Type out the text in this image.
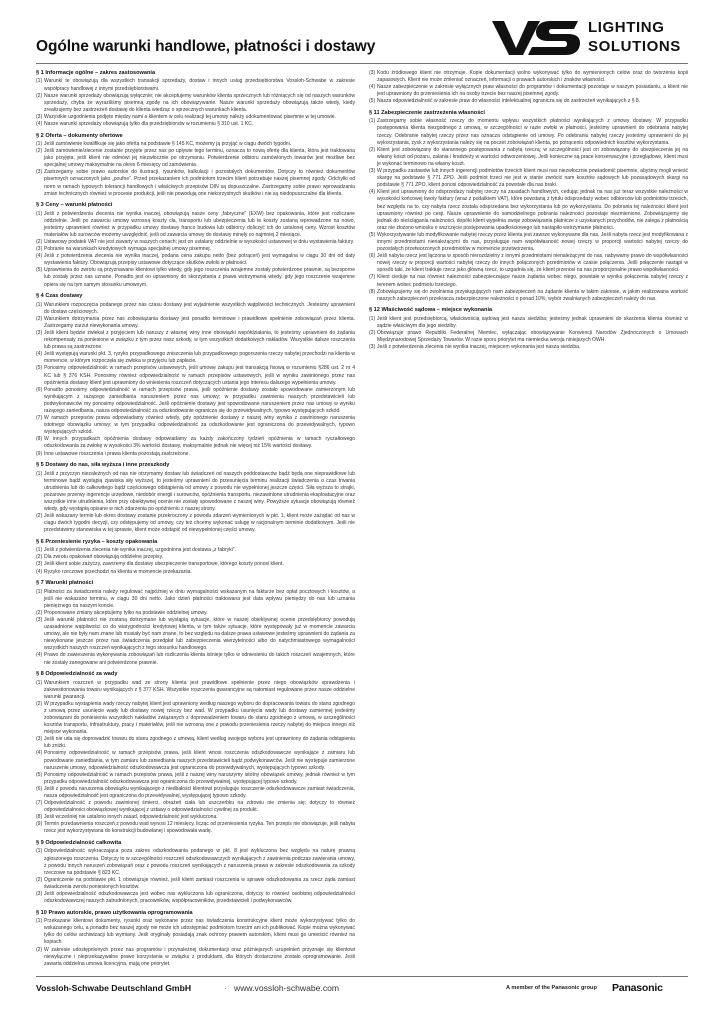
Ogólne warunki handlowe, płatności i dostawy
LIGHTING
SOLUTIONS
§ 1 Informacje ogólne – zakres zastosowania

(1) Warunki te obowiązują dla wszystkich transakcji sprzedaży, dostaw i innych usług przedsiębiorstwa Vossloh-Schwabe w zakresie współpracy handlowej z innymi przedsiębiorstwami.

(2) Nasze warunki sprzedaży obowiązują wyłącznie; nie akceptujemy warunków klienta sprzecznych lub różniących się od naszych warunków sprzedaży, chyba że wyraziliśmy pisemną zgodę na ich obowiązywanie. Nasze warunki sprzedaży obowiązują także wtedy, kiedy zrealizujemy bez zastrzeżeń dostawę do klienta wiedząc o sprzecznych warunkach klienta.

(3) Wszystkie uzgodnienia podjęte między nami a klientem w celu realizacji tej umowy należy udokumentować pisemnie w tej umowie.

(4) Nasze warunki sprzedaży obowiązują tylko dla przedsiębiorstw w rozumieniu § 310 ust. 1 KC.

§ 2 Oferta – dokumenty ofertowe

(1) Jeśli zamówienie kwalifikuje się jako oferta na podstawie § 145 KC, możemy ją przyjąć w ciągu dwóch tygodni.

(2) Jeśli zamówienie/zlecenie zostanie przyjęte przez nas po upływie tego terminu, oznacza to nową ofertę dla klienta, która jest traktowana jako przyjęta, jeśli klient nie odmówi jej niezwłocznie po otrzymaniu. Potwierdzenie odbioru zamówionych towarów jest możliwe bez specjalnej umowy maksymalnie na okres 6 miesięcy od zamówienia.

(3) Zastrzegamy sobie prawo autorskie do ilustracji, rysunków, kalkulacji i pozostałych dokumentów. Dotyczy to również dokumentów pisemnych oznaczonych jako „poufne”. Przed przekazaniem ich podmiotom trzecim klient potrzebuje naszej pisemnej zgody. Odchyłki od norm w ramach typowych tolerancji handlowych i właściwych przepisów DIN są dopuszczalne. Zastrzegamy sobie prawo wprowadzania zmian technicznych również w procesie produkcji, jeśli nie powodują one niekorzystnych skutków i nie są niedopuszczalne dla klienta.

§ 3 Ceny – warunki płatności

(1) Jeśli z potwierdzenia zlecenia nie wynika inaczej, obowiązują nasze ceny „fabryczne” (EXW) bez opakowania, które jest rozliczane oddzielnie. Jeśli po zawarciu umowy wzrosną koszty cła, transportu lub ubezpieczenia lub te koszty zostaną wprowadzone na nowo, jesteśmy uprawnieni również w przypadku umowy dostawy franco budowa lub odbiorcy doliczyć ich do ustalonej ceny. Wzrost kosztów materiałów lub surowców możemy uwzględnić, jeśli od zawarcia umowy do dostawy minęły co najmniej 2 miesiące.

(2) Ustawowy podatek VAT nie jest zawarty w naszych cenach; jest on ustalany oddzielnie w wysokości ustawowej w dniu wystawienia faktury.

(3) Pobranie na warunkach kredytowych wymaga specjalnej umowy pisemnej.

(4) Jeśli z potwierdzenia zlecenia nie wynika inaczej, podana cena zakupu netto (bez potrąceń) jest wymagalna w ciągu 30 dni od daty wystawienia faktury. Obowiązują przepisy ustawowe dotyczące skutków zwłoki w płatności.

(5) Uprawnienia do zwrotu są przyznawane klientowi tylko wtedy, gdy jego roszczenia wzajemne zostały potwierdzone prawnie, są bezsporne lub zostały przez nas uznane. Ponadto jest on uprawniony do skorzystania z prawa wstrzymania wtedy, gdy jego roszczenie wzajemne opiera się na tym samym stosunku umownym.

§ 4 Czas dostawy

(1) Warunkiem rozpoczęcia podanego przez nas czasu dostawy jest wyjaśnienie wszystkich wątpliwości technicznych. Jesteśmy uprawnieni do dostaw częściowych.

(2) Warunkiem dotrzymania przez nas zobowiązania dostawy jest ponadto terminowe i prawidłowe spełnienie zobowiązań przez klienta. Zastrzegamy zarzut niewykonania umowy.

(3) Jeśli klient będzie zwlekał z przyjęciem lub naruszy z własnej winy inne obowiązki współdziałania, to jesteśmy uprawnieni do żądania rekompensaty za poniesione w związku z tym przez nasz szkody, w tym wszystkich dodatkowych nakładów. Wszystkie dalsze roszczenia lub prawa są zastrzeżone.

(4) Jeśli występują warunki pkt. 3, ryzyko przypadkowego zniszczenia lub przypadkowego pogorszenia rzeczy nabytej przechodzi na klienta w momencie, w którym rozpoczęła się zwłoka w przyjęciu lub zapłacie.

(5) Ponosimy odpowiedzialność w ramach przepisów ustawowych, jeśli umowę zakupu jest transakcją fixową w rozumieniu §286 ust. 2 nr 4 KC lub § 376 KSH. Ponosimy również odpowiedzialność w ramach przepisów ustawowych, jeśli w wyniku zawinionego przez nas opóźnienia dostawy klient jest uprawniony do wniesienia roszczeń dotyczących ustania jego interesu dalszego wypełnienia umowy.

(6) Ponadto ponosimy odpowiedzialność w ramach przepisów prawa, jeśli opóźnienie dostawy zostało spowodowane zamierzonym lub wynikającym z rażącego zaniedbania naruszeniem przez nas umowy; w przypadku zawinienia naszych przedstawicieli lub podwykonawców my ponosimy odpowiedzialność. Jeśli opóźnienie dostawy jest spowodowane naruszeniem przez nas umowy w wyniku rażącego zaniedbania, nasza odpowiedzialność za odszkodowanie ogranicza się do przewidywalnych, typowo występujących szkód.

(7) W ramach przepisów prawa odpowiadamy również wtedy, gdy opóźnienie dostawy z naszej winy wynika z zawinionego naruszenia istotnego obowiązku umowy; w tym przypadku odpowiedzialność za odszkodowanie jest ograniczona do przewidywalnych, typowo występujących szkód.

(8) W innych przypadkach opóźnienia dostawy odpowiadamy za każdy zakończony tydzień opóźnienia w ramach ryczałtowego odszkodowania za zwłokę w wysokości 3% wartości dostawy, maksymalnie jednak nie więcej niż 15% wartości dostawy.

(9) Inne ustawowe roszczenia i prawa klienta pozostają zastrzeżone.

§ 5 Dostawy do nas, siła wyższa i inne przeszkody

(1) Jeśli z przyczyn niezależnych od nas nie otrzymamy dostaw lub świadczeń od naszych poddostawców bądź będą one nieprawidłowe lub terminowe bądź wystąpią zjawiska siły wyższej, to jesteśmy uprawnieni do przesunięcia terminu realizacji świadczenia o czas trwania utrudnienia lub do całkowitego bądź częściowego odstąpienia od umowy z powodu nie wypełnionej jeszcze części. Siła wyższa to strajki, pożarowe przerwy ingerencje urzędowe, niedobór energii i surowców, opóźnienia transportu, niezawinione utrudnienia eksploatacyjne oraz wszystkie inne utrudnienia, które przy obiektywnej ocenie nie zostały spowodowane z naszej winy. Powyższe sytuacje obowiązują również wtedy, gdy wystąpią opisane w nich zdarzenia po opóźnieniu z naszej strony.

(2) Jeśli wskazany termin lub okres dostawy zostanie przekroczony z powodu zdarzeń wymienionych w pkt. 1, klient może zażądać od nas w ciągu dwóch tygodni decyzji, czy odstępujemy od umowy, czy też chcemy wykonać usługę w racjonalnym terminie dodatkowym. Jeśli nie przedstawimy stanowiska w tej sprawie, klient może odstąpić od niewypełnionej części umowy.

§ 6 Przeniesienie ryzyka – koszty opakowania

(1) Jeśli z potwierdzenia zlecenia nie wynika inaczej, uzgodniona jest dostawa „z fabryki”.

(2) Dla zwrotu opakowań obowiązują oddzielne przepisy.

(3) Jeśli klient sobie zażyczy, zawrzemy dla dostawy ubezpieczenie transportowe, którego koszty ponosi klient.

(4) Ryzyko rzeczowe przechodzi na klienta w momencie przekazania.

§ 7 Warunki płatności

(1) Płatności za świadczenia należy regulować najpóźniej w dniu wymagalności wskazanym na fakturze bez opłat pocztowych i kosztów, a jeśli nie wskazano terminu, w ciągu 30 dni netto. Jako dzień płatności traktowana jest data wpływu pieniędzy do nas lub uznania pieniężnego na naszym koncie.

(2) Proponowane zmiany akceptujemy tylko na podstawie oddzielnej umowy.

(3) Jeśli warunki płatności nie zostaną dotrzymane lub wystąpią sytuacje, które w naszej obiektywnej ocenie przedsiębiorcy powodują uzasadnione wątpliwości co do wiarygodności kredytowej klienta, w tym także sytuacje, które występowały już w momencie zawarcia umowy, ale nie były nam znane lub musiały być nam znane, to bez względu na dalsze prawa ustawowe jesteśmy uprawnieni do żądania za niewykonane jeszcze przez nas świadczenia przedpłat lub zabezpieczenia wierzytelności albo do natychmiastowego wymagalności wszystkich naszych roszczeń wynikających z tego stosunku handlowego.

(4) Prawo do zawieszenia wykonywania zobowiązań lub rozliczenia klienta istnieje tylko w odniesieniu do takich roszczeń wzajemnych, które nie zostały zanegowane ani potwierdzone prawnie.

§ 8 Odpowiedzialność za wady

(1) Warunkiem roszczeń w przypadku wad ze strony klienta jest prawidłowe spełnienie przez niego obowiązków sprawdzenia i zakwestionowania towaru wynikających z § 377 KSH. Wszystkie roszczenia gwarancyjne są natomiast regulowane przez nasze oddzielne warunki gwarancji.

(2) W przypadku wystąpienia wady rzeczy nabytej klient jest uprawniony według naszego wyboru do dopracowania towaru do stanu zgodnego z umową przez usunięcie wady lub dostawy nowej rzeczy bez wad. W przypadku usunięcia wady lub dostawy zamiennej jesteśmy zobowiązani do poniesienia wszystkich nakładów związanych z doprowadzeniem towaru do stanu zgodnego z umową, w szczególności kosztów transportu, infrastruktury, pracy i materiałów, jeśli nie wzrosną one z powodu przeniesienia rzeczy nabytej do miejsca innego niż miejsce wykonania.

(3) Jeśli nie uda się doprowadzić towaru do stanu zgodnego z umową, klient według swojego wyboru jest uprawniony do żądania odstąpienia lub zniżki.

(4) Ponosimy odpowiedzialność w ramach przepisów prawa, jeśli klient wnosi roszczenia odszkodowawcze wynikające z zamiaru lub powodowane zaniedbania, w tym zamiaru lub zaniedbania naszych przedstawicieli bądź podwykonawców. Jeśli nie występuje zamierzone naruszenie umowy, odpowiedzialność odszkodowawcza jest ograniczona do przewidywalnych, występujących typowo szkody.

(5) Ponosimy odpowiedzialność w ramach przepisów prawa, jeśli z naszej winy naruszymy istotny obowiązek umowy, jednak również w tym przypadku odpowiedzialność odszkodowawcza jest ograniczona do przewidywalnej, występującej typowo szkody.

(6) Jeśli z powodu naruszenia obowiązku wynikającego z niedbałości klientowi przysługuje roszczenie odszkodowawcze zamiast świadczenia, nasza odpowiedzialność jest ograniczona do przewidywalnej, występującej typowo szkody.

(7) Odpowiedzialność z powodu zawinionej śmierci, obrażeń ciała lub uszczerbku na zdrowiu nie zmienia się; dotyczy to również odpowiedzialności obowiązkowej wynikającej z ustawy o odpowiedzialności cywilnej za produkt.

(8) Jeśli wcześniej nie ustalono innych zasad, odpowiedzialność jest wykluczona.

(9) Termin przedawnienia roszczeń z powodu wad wynosi 12 miesięcy, licząc od przeniesienia ryzyka. Ten przepis nie obowiązuje, jeśli nabyta rzecz jest wykorzystywana do konstrukcji budowlanej i spowodowała wadę.

§ 9 Odpowiedzialność całkowita

(1) Odpowiedzialność wykraczająca poza zakres odszkodowania podanego w pkt. 8 jest wykluczona bez względu na naturę prawną zgłoszonego roszczenia. Dotyczy to w szczególności roszczeń odszkodowawczych wynikających z zawinienia podczas zawierania umowy, z powodu innych naruszeń zobowiązań oraz z powodu roszczeń wynikających z naruszenia prawa w zakresie odszkodowania za szkody rzeczowe na podstawie § 823 KC.

(2) Ograniczenie na podstawie pkt. 1 obowiązuje również, jeśli klient zamiast roszczenia w sprawie odszkodowania za rzecz żąda zamiast świadczenia zwrotu poniesionych kosztów.

(3) Jeśli odpowiedzialność odszkodowawcza jest wobec nas wykluczona lub ograniczona, dotyczy to również osobistej odpowiedzialności odszkodowawczej naszych zatrudnionych, pracowników, współpracowników, przedstawicieli i podwykonawców.

§ 10 Prawo autorskie, prawo użytkowania oprogramowania

(1) Przekazane klientowi dokumenty, rysunki oraz wykonane przez nas świadczenia konstrukcyjne klient może wykorzystywać tylko do wskazanego celu, a ponadto bez naszej zgody nie może ich udostępniać podmiotom trzecim ani ich publikować. Kopie można wykonywać tylko do celów archiwizacji lub wymiany. Jeśli oryginały posiadają znak ochrony prawem autorskim, klient musi go umieścić również na kopiach.

(2) W zakresie udostępnionych przez nas programów i przynależnej dokumentacji oraz późniejszych uzupełnień przyznaje się klientowi niewyłączne i nieprzekazywalne prawo korzystania w związku z produktami, dla których dostarczone zostało oprogramowanie. Jeśli zawarta oddzielna umowa licencyjna, mają one priorytet.

(3) Kodu źródłowego klient nie otrzymuje. Kopie dokumentacji wolno wykonywać tylko do wymienionych celów oraz do tworzenia kopii zapasowych. Klient nie może zmieniać oznaczeń, informacji o prawach autorskich i znaków własności.

(4) Nasze zabezpieczenie w zakresie wyłącznych praw własności do programów i dokumentacji pozostaje w naszym posiadaniu, a klient nie jest uprawniony do przeniesienia ich na osoby trzecie bez naszej pisemnej zgody.

(5) Nasza odpowiedzialność w zakresie praw do własności intelektualnej ogranicza się do zastrzeżeń wynikających z § 8.

§ 11 Zabezpieczenie zastrzeżenia własności

(1) Zastrzegamy sobie własność rzeczy do momentu wpływu wszystkich płatności wynikających z umowy dostawy. W przypadku postępowania klienta niezgodnego z umową, w szczególności w razie zwłoki w płatności, jesteśmy uprawnieni do odebrania nabytej rzeczy. Odebranie nabytej rzeczy przez nas oznacza odstąpienie od umowy. Po odebraniu nabytej rzeczy jesteśmy uprawnieni do jej wykorzystania, zysk z wykorzystania należy się na poczet zobowiązań klienta, po potrąceniu odpowiednich kosztów wykorzystania.

(2) Klient jest zobowiązany do starannego postępowania z nabytą rzeczą; w szczególności jest on zobowiązany do ubezpieczenia jej na własny koszt od pożaru, zalania i kradzieży w wartości odtworzeniowej. Jeśli konieczne są prace konserwacyjne i przeglądowe, klient musi je wykonać terminowo na własny koszt.

(3) W przypadku zastawów lub innych ingerencji podmiotów trzecich klient musi nas niezwłocznie powiadomić pisemnie, abyśmy mogli wnieść skargę na podstawie § 771 ZPO. Jeśli podmiot trzeci nie jest w stanie zwrócić nam kosztów sądowych lub pozasądowych skargi na podstawie § 771 ZPO, klient ponosi odpowiedzialność za powstałe dla nas braki.

(4) Klient jest uprawniony do odsprzedaży nabytej rzeczy na zasadach handlowych, cedując jednak na nas już teraz wszystkie należności w wysokości końcowej kwoty faktury (wraz z podatkiem VAT), które powstaną z tytułu odsprzedaży wobec odbiorców lub podmiotów trzecich, bez względu na to, czy nabyta rzecz została odsprzedana bez wykorzystania lub po wykorzystaniu. Do pobrania tej należności klient jest uprawniony również po cesji. Nasze uprawnienie do samodzielnego pobrania należności pozostaje niezmienione. Zobowiązujemy się jednak do nieściągania należności, dopóki klient wypełnia swoje zobowiązania płatnicze z uzyskanych przychodów, nie zalega z płatnością oraz nie złożono wniosku o wszczęcie postępowania upadłościowego lub nastąpiło wstrzymanie płatności.

(5) Wykorzystywanie lub modyfikowanie nabytej rzeczy przez klienta jest zawsze wykonywane dla nas. Jeśli nabyta rzecz jest modyfikowana z innymi przedmiotami nienależącymi do nas, przysługuje nam współwłasność nowej rzeczy w proporcji wartości nabytej rzeczy do pozostałych przetworzonych przedmiotów w momencie przetworzenia.

(6) Jeśli nabyta rzecz jest łączona w sposób nierozdzielny z innymi przedmiotami nienależącymi do nas, nabywamy prawo do współwłasności nowej rzeczy w proporcji wartości nabytej rzeczy do innych połączonych przedmiotów w czasie połączenia. Jeśli połączenie nastąpi w sposób taki, że klient traktuje rzecz jako główną rzecz, to uzgadnia się, że klient przenosi na nas proporcjonalne prawo współwłasności.

(7) Klient cieduje na nas również należności zabezpieczające nasze żądania wobec niego, powstałe w wyniku połączenia nabytej rzeczy z terenem wobec podmiotu trzeciego.

(8) Zobowiązujemy się do zwolnienia przysługujących nam zabezpieczeń na żądanie klienta w takim zakresie, w jakim realizowana wartość naszych zabezpieczeń przekracza zabezpieczone należności o ponad 10%; wybór zwalnianych zabezpieczeń należy do nas.

§ 12 Właściwość sądowa – miejsce wykonania

(1) Jeśli klient jest przedsiębiorcą, właściwością sądową jest nasza siedziba; jesteśmy jednak uprawnieni do skarżenia klienta również w sądzie właściwym dla jego siedziby.

(2) Obowiązuje prawo Republiki Federalnej Niemiec, wyłączając obowiązywanie Konwencji Narodów Zjednoczonych o Umowach Międzynarodowej Sprzedaży Towarów. W razie sporu priorytet ma niemiecka wersja niniejszych OWH.

(3) Jeśli z potwierdzenia zlecenia nie wynika inaczej, miejscem wykonania jest nasza siedziba.

Vossloh-Schwabe Deutschland GmbH	· www.vossloh-schwabe.com	A member of the Panasonic group Panasonic
